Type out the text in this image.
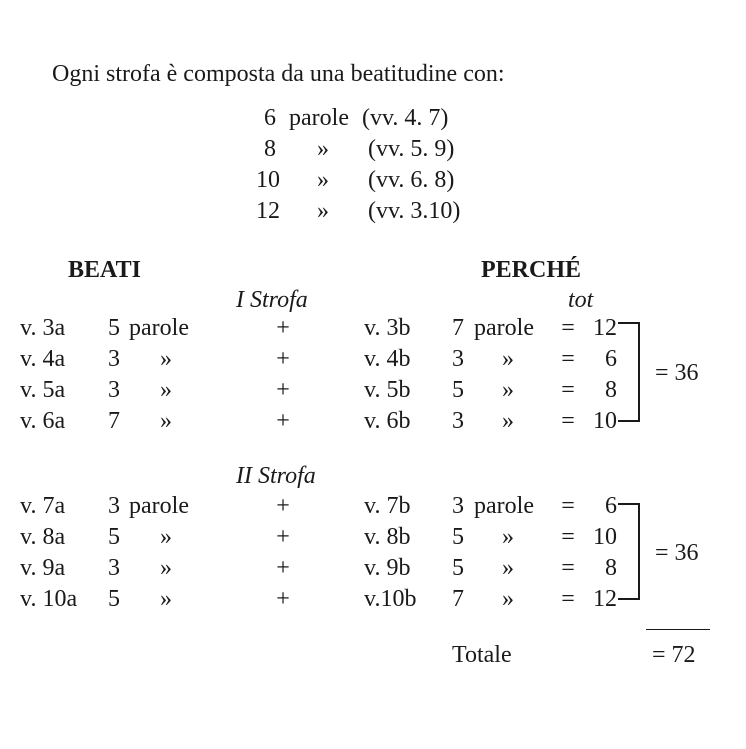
Ogni strofa è composta da una beatitudine con:
6 parole (vv. 4. 7)
8 » (vv. 5. 9)
10 » (vv. 6. 8)
12 » (vv. 3.10)
BEATI	PERCHÉ
tot
I Strofa
v. 3a 5 parole	+	v. 3b 7 parole = 12
v. 4a 3 »	+	v. 4b 3 » = 6
v. 5a 3 »	+	v. 5b 5 » = 8
v. 6a 7 »	+	v. 6b 3 » = 10
= 36
II Strofa
v. 7a 3 parole	+	v. 7b 3 parole = 6
v. 8a 5 »	+	v. 8b 5 » = 10
v. 9a 3 »	+	v. 9b 5 » = 8
v. 10a 5 »	+	v.10b 7 » = 12
= 36
Totale	= 72
